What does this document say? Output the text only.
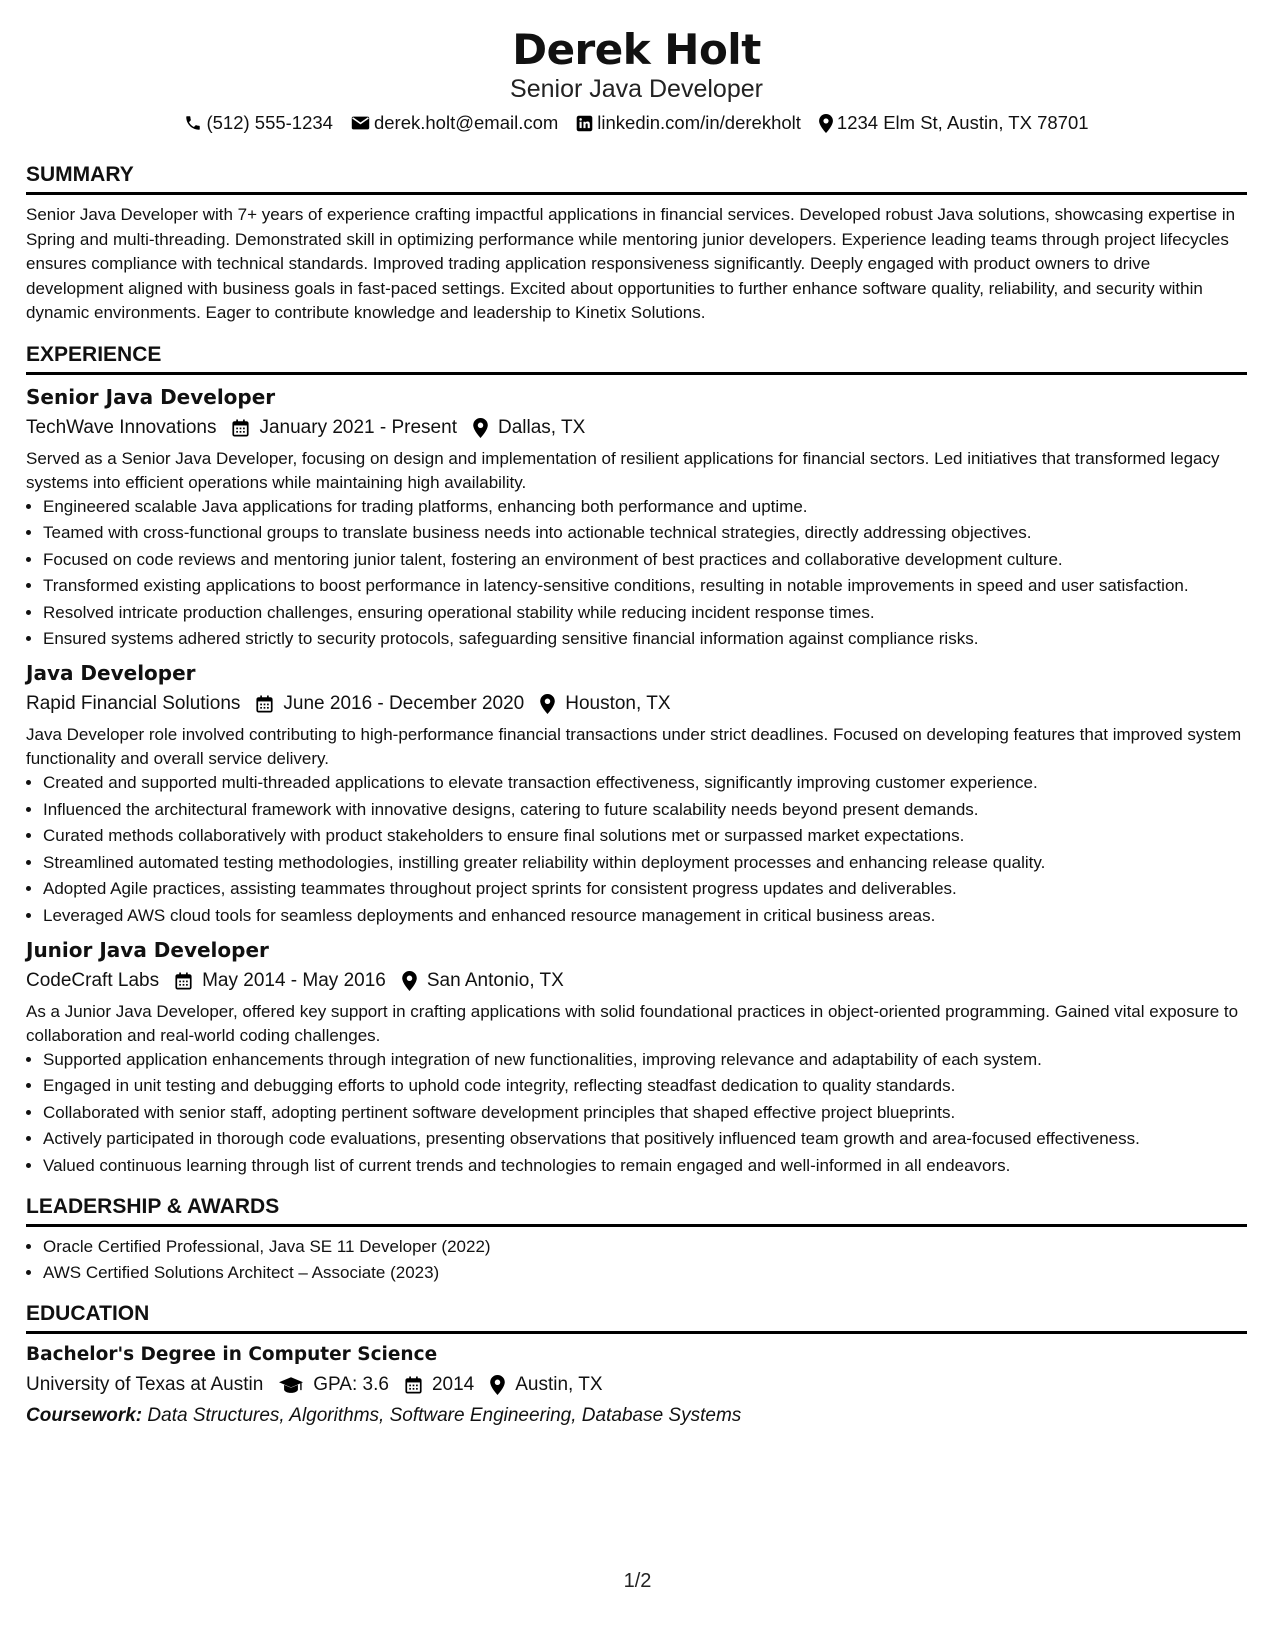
Derek Holt
Senior Java Developer
(512) 555-1234 derek.holt@email.com linkedin.com/in/derekholt 1234 Elm St, Austin, TX 78701
SUMMARY
Senior Java Developer with 7+ years of experience crafting impactful applications in financial services. Developed robust Java solutions, showcasing expertise in Spring and multi-threading. Demonstrated skill in optimizing performance while mentoring junior developers. Experience leading teams through project lifecycles ensures compliance with technical standards. Improved trading application responsiveness significantly. Deeply engaged with product owners to drive development aligned with business goals in fast-paced settings. Excited about opportunities to further enhance software quality, reliability, and security within dynamic environments. Eager to contribute knowledge and leadership to Kinetix Solutions.
EXPERIENCE
Senior Java Developer
TechWave Innovations January 2021 - Present Dallas, TX
Served as a Senior Java Developer, focusing on design and implementation of resilient applications for financial sectors. Led initiatives that transformed legacy systems into efficient operations while maintaining high availability.
• Engineered scalable Java applications for trading platforms, enhancing both performance and uptime.
• Teamed with cross-functional groups to translate business needs into actionable technical strategies, directly addressing objectives.
• Focused on code reviews and mentoring junior talent, fostering an environment of best practices and collaborative development culture.
• Transformed existing applications to boost performance in latency-sensitive conditions, resulting in notable improvements in speed and user satisfaction.
• Resolved intricate production challenges, ensuring operational stability while reducing incident response times.
• Ensured systems adhered strictly to security protocols, safeguarding sensitive financial information against compliance risks.
Java Developer
Rapid Financial Solutions June 2016 - December 2020 Houston, TX
Java Developer role involved contributing to high-performance financial transactions under strict deadlines. Focused on developing features that improved system functionality and overall service delivery.
• Created and supported multi-threaded applications to elevate transaction effectiveness, significantly improving customer experience.
• Influenced the architectural framework with innovative designs, catering to future scalability needs beyond present demands.
• Curated methods collaboratively with product stakeholders to ensure final solutions met or surpassed market expectations.
• Streamlined automated testing methodologies, instilling greater reliability within deployment processes and enhancing release quality.
• Adopted Agile practices, assisting teammates throughout project sprints for consistent progress updates and deliverables.
• Leveraged AWS cloud tools for seamless deployments and enhanced resource management in critical business areas.
Junior Java Developer
CodeCraft Labs May 2014 - May 2016 San Antonio, TX
As a Junior Java Developer, offered key support in crafting applications with solid foundational practices in object-oriented programming. Gained vital exposure to collaboration and real-world coding challenges.
• Supported application enhancements through integration of new functionalities, improving relevance and adaptability of each system.
• Engaged in unit testing and debugging efforts to uphold code integrity, reflecting steadfast dedication to quality standards.
• Collaborated with senior staff, adopting pertinent software development principles that shaped effective project blueprints.
• Actively participated in thorough code evaluations, presenting observations that positively influenced team growth and area-focused effectiveness.
• Valued continuous learning through list of current trends and technologies to remain engaged and well-informed in all endeavors.
LEADERSHIP & AWARDS
• Oracle Certified Professional, Java SE 11 Developer (2022)
• AWS Certified Solutions Architect – Associate (2023)
EDUCATION
Bachelor's Degree in Computer Science
University of Texas at Austin	GPA: 3.6 2014 Austin, TX
Coursework: Data Structures, Algorithms, Software Engineering, Database Systems
1/2
